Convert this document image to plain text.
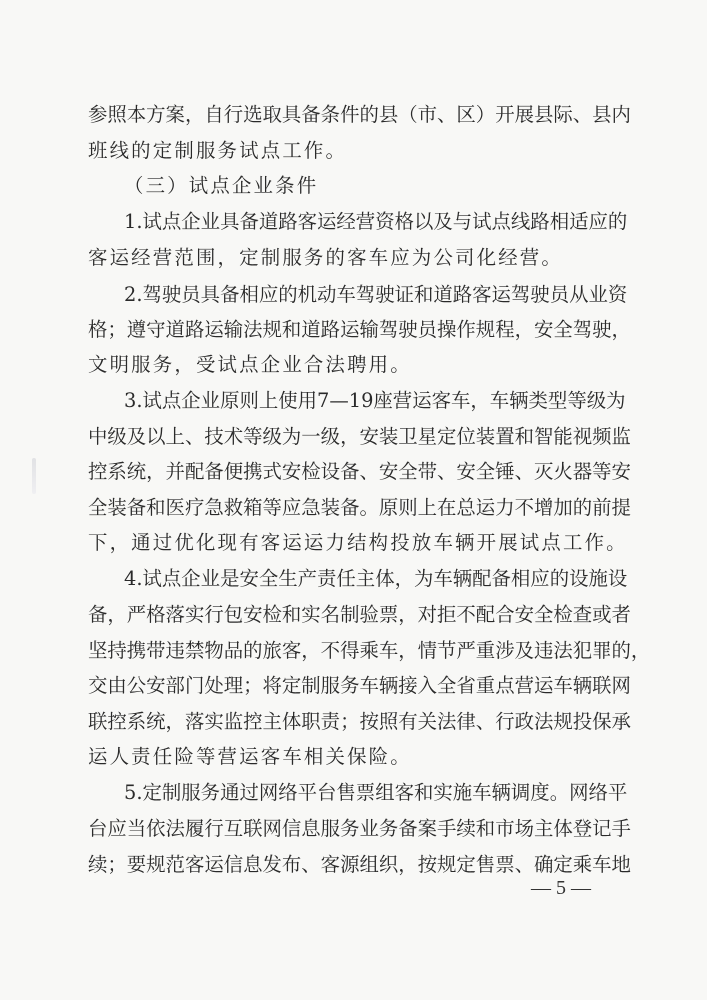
参照本方案，自行选取具备条件的县（市、区）开展县际、县内
班线的定制服务试点工作。
（三）试点企业条件
1.试点企业具备道路客运经营资格以及与试点线路相适应的
客运经营范围，定制服务的客车应为公司化经营。
2.驾驶员具备相应的机动车驾驶证和道路客运驾驶员从业资
格；遵守道路运输法规和道路运输驾驶员操作规程，安全驾驶，
文明服务，受试点企业合法聘用。
3.试点企业原则上使用7—19座营运客车，车辆类型等级为
中级及以上、技术等级为一级，安装卫星定位装置和智能视频监
控系统，并配备便携式安检设备、安全带、安全锤、灭火器等安
全装备和医疗急救箱等应急装备。原则上在总运力不增加的前提
下，通过优化现有客运运力结构投放车辆开展试点工作。
4.试点企业是安全生产责任主体，为车辆配备相应的设施设
备，严格落实行包安检和实名制验票，对拒不配合安全检查或者
坚持携带违禁物品的旅客，不得乘车，情节严重涉及违法犯罪的，
交由公安部门处理；将定制服务车辆接入全省重点营运车辆联网
联控系统，落实监控主体职责；按照有关法律、行政法规投保承
运人责任险等营运客车相关保险。
5.定制服务通过网络平台售票组客和实施车辆调度。网络平
台应当依法履行互联网信息服务业务备案手续和市场主体登记手
续；要规范客运信息发布、客源组织，按规定售票、确定乘车地
— 5 —
